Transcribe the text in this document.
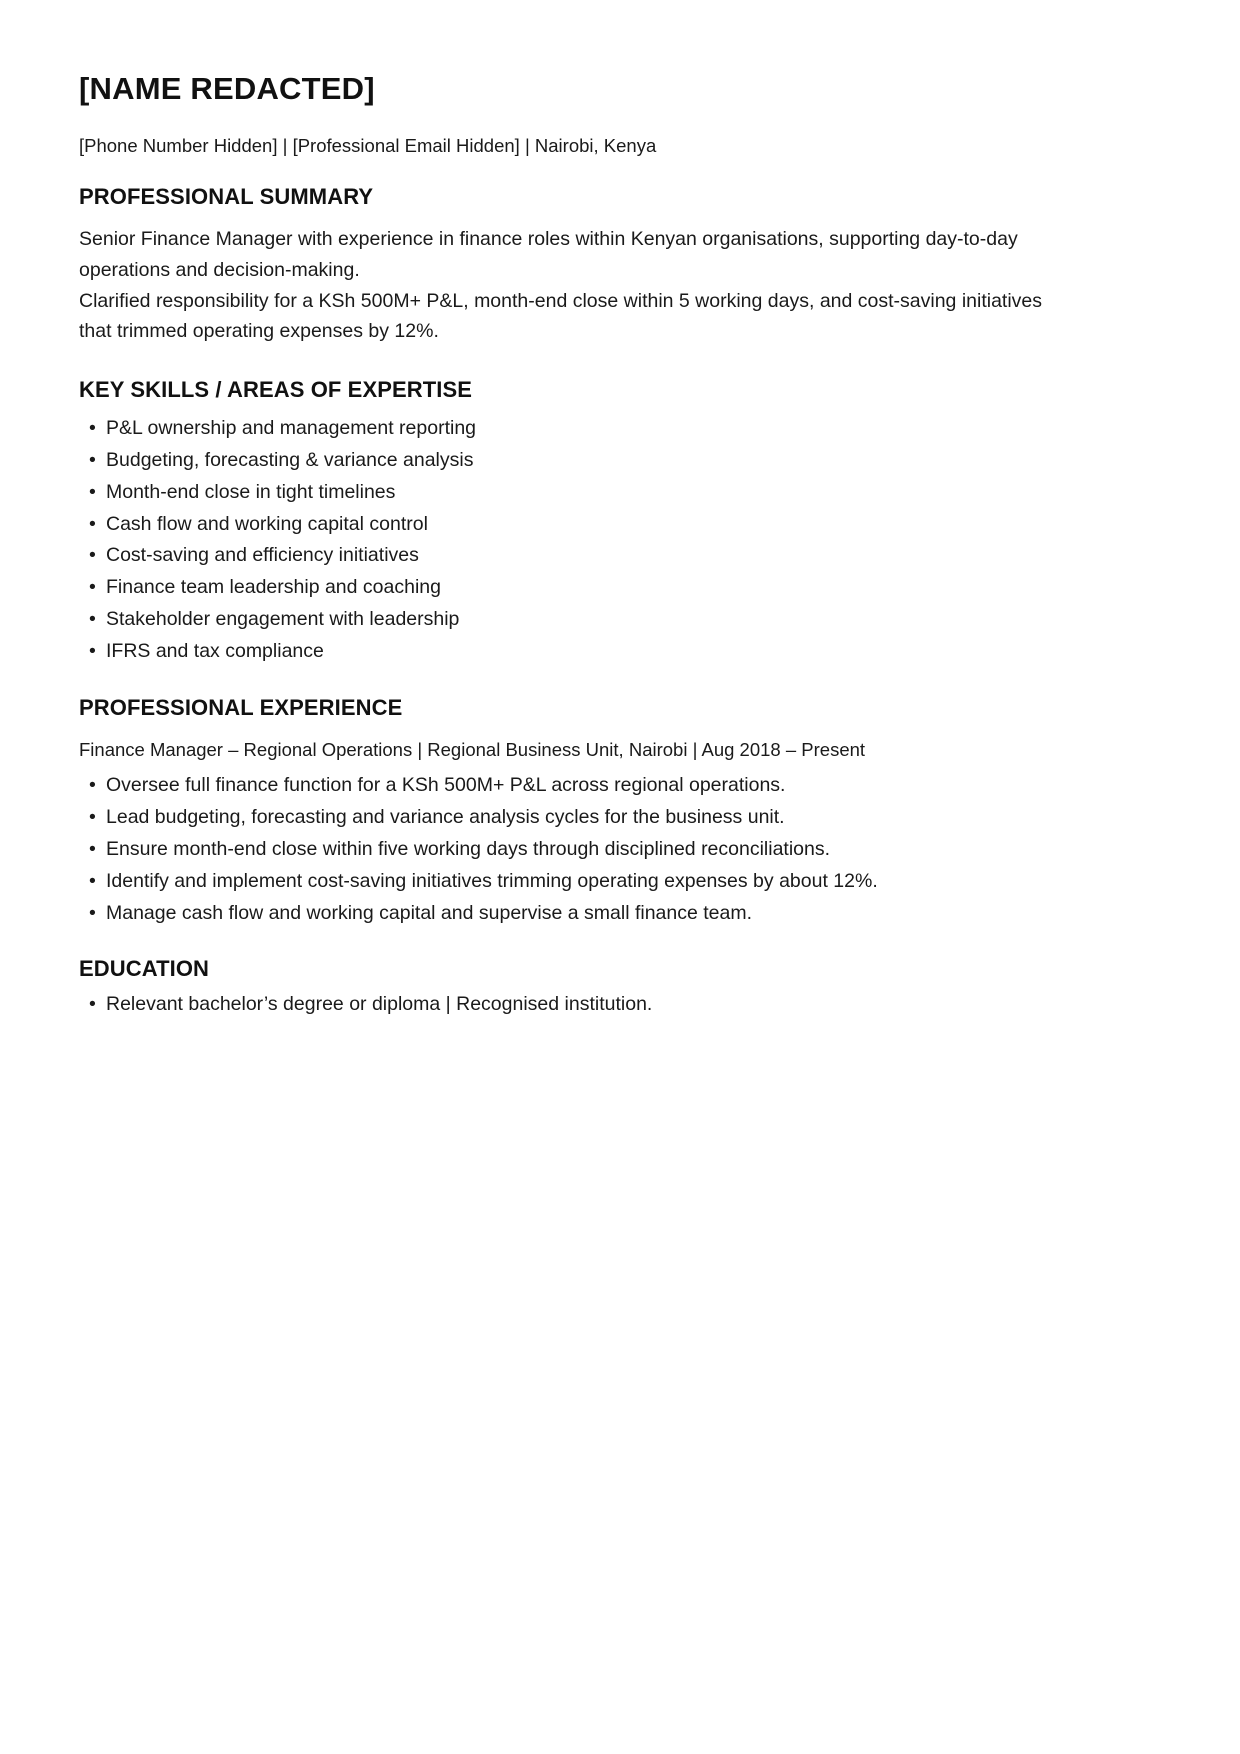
[NAME REDACTED]
[Phone Number Hidden] | [Professional Email Hidden] | Nairobi, Kenya
PROFESSIONAL SUMMARY

Senior Finance Manager with experience in finance roles within Kenyan organisations, supporting day-to-day operations and decision-making.

Clarified responsibility for a KSh 500M+ P&L, month-end close within 5 working days, and cost-saving initiatives that trimmed operating expenses by 12%.

KEY SKILLS / AREAS OF EXPERTISE
• P&L ownership and management reporting
• Budgeting, forecasting & variance analysis
• Month-end close in tight timelines
• Cash flow and working capital control
• Cost-saving and efficiency initiatives
• Finance team leadership and coaching
• Stakeholder engagement with leadership
• IFRS and tax compliance
PROFESSIONAL EXPERIENCE
Finance Manager – Regional Operations | Regional Business Unit, Nairobi | Aug 2018 – Present
• Oversee full finance function for a KSh 500M+ P&L across regional operations.
• Lead budgeting, forecasting and variance analysis cycles for the business unit.
• Ensure month-end close within five working days through disciplined reconciliations.
• Identify and implement cost-saving initiatives trimming operating expenses by about 12%.
• Manage cash flow and working capital and supervise a small finance team.
EDUCATION
• Relevant bachelor’s degree or diploma | Recognised institution.
